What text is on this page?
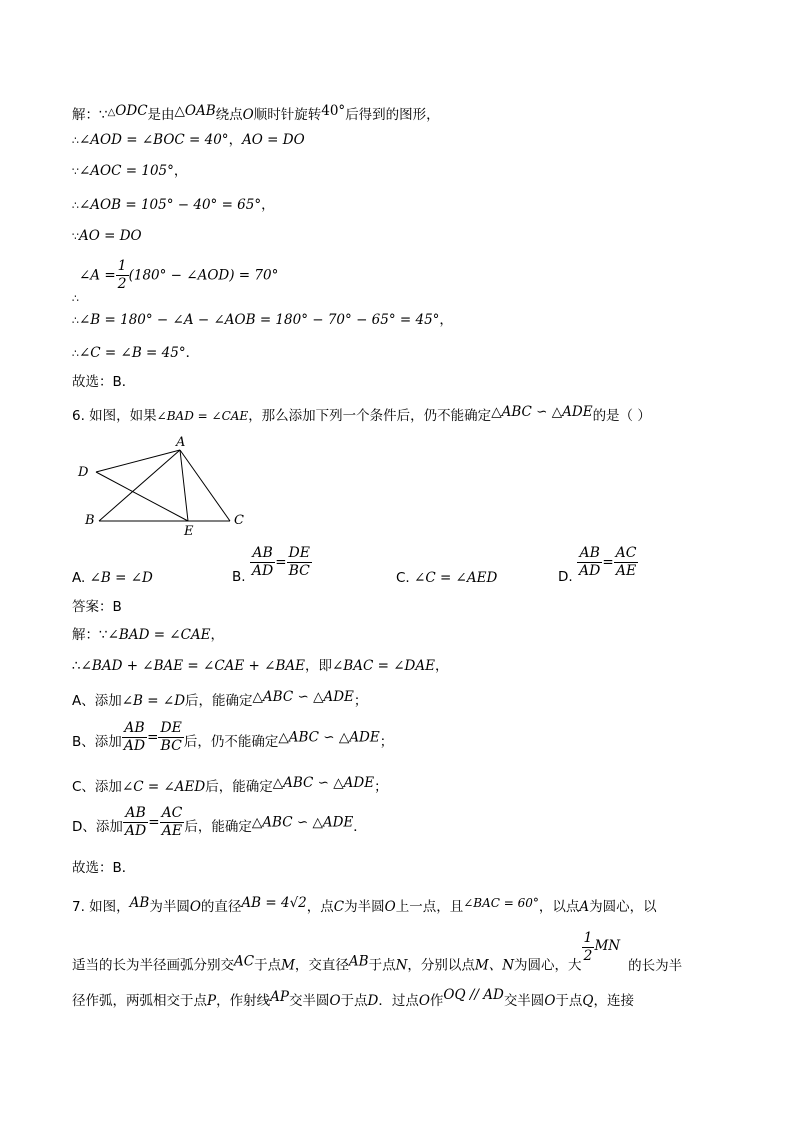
解：∵△ODC是由△OAB绕点O顺时针旋转40°后得到的图形，
∴∠AOD = ∠BOC = 40°，AO = DO
∵∠AOC = 105°，
∴∠AOB = 105° − 40° = 65°，
∵AO = DO
$_\therefore$∠A = $\frac{1}{2} (180^\circ$ − ∠AOD) = 70°
∴∠B = 180° − ∠A − ∠AOB = 180° − 70° − 65° = 45°，
∴∠C = ∠B = 45°．
故选：B．
6. 如图，如果∠BAD = ∠CAE，那么添加下列一个条件后，仍不能确定△ABC ∽ △ADE的是（ ）
A
D
B	C
E
A. ∠B = ∠D	B. $\frac{AB}{AD} = \frac{DE}{BC}$	C. ∠C = ∠AED	D. $\frac{AB}{AD} = \frac{AC}{AE}$
答案：B
解：∵∠BAD = ∠CAE，
∴∠BAD + ∠BAE = ∠CAE + ∠BAE，即∠BAC = ∠DAE，
A、添加∠B = ∠D后，能确定△ABC ∽ △ADE；
B、添加 $\frac{AB}{AD} = \frac{DE}{BC}$ 后，仍不能确定△ABC ∽ △ADE；
C、添加∠C = ∠AED后，能确定△ABC ∽ △ADE；
D、添加 $\frac{AB}{AD} = \frac{AC}{AE}$ 后，能确定△ABC ∽ △ADE．
故选：B．
7. 如图，AB为半圆O的直径AB = 4√2，点C为半圆O上一点，且∠BAC = 60°，以点A为圆心，以
适当的长为半径画弧分别交AC于点M，交直径AB于点N，分别以点M、N为圆心，大
$\frac{1}{2}$ MN的长为半
径作弧，两弧相交于点P，作射线AP交半圆O于点D．过点O作OQ // AD交半圆O于点Q，连接
